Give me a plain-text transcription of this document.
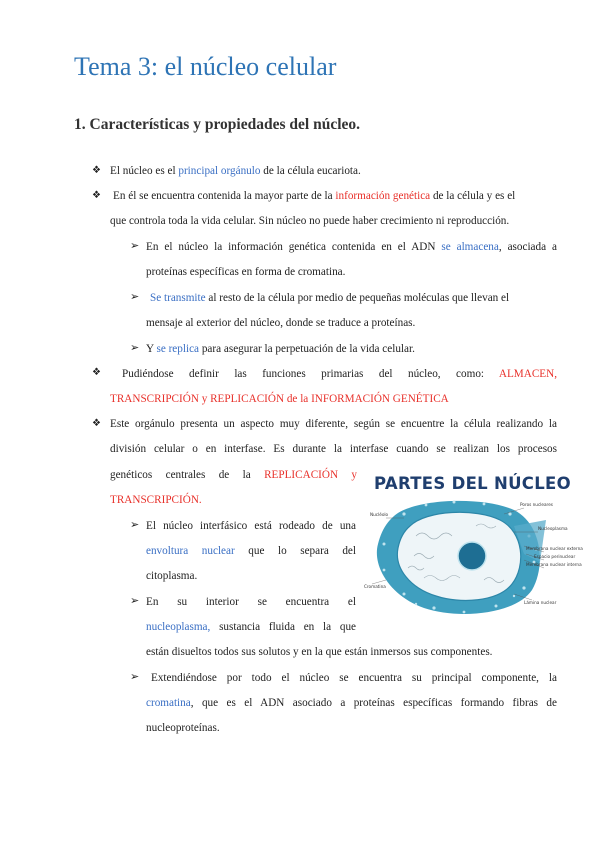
Tema 3: el núcleo celular
1. Características y propiedades del núcleo.
❖ El núcleo es el principal orgánulo de la célula eucariota.
❖ En él se encuentra contenida la mayor parte de la información genética de la célula y es el
que controla toda la vida celular. Sin núcleo no puede haber crecimiento ni reproducción.
➢ En el núcleo la información genética contenida en el ADN se almacena, asociada a
proteínas específicas en forma de cromatina.
➢ Se transmite al resto de la célula por medio de pequeñas moléculas que llevan el
mensaje al exterior del núcleo, donde se traduce a proteínas.
➢ Y se replica para asegurar la perpetuación de la vida celular.
❖ Pudiéndose definir las funciones primarias del núcleo, como: ALMACEN,
TRANSCRIPCIÓN y REPLICACIÓN de la INFORMACIÓN GENÉTICA
❖ Este orgánulo presenta un aspecto muy diferente, según se encuentre la célula realizando la
división celular o en interfase. Es durante la interfase cuando se realizan los procesos
genéticos centrales de la REPLICACIÓN y
TRANSCRIPCIÓN.
➢ El núcleo interfásico está rodeado de una
envoltura nuclear que lo separa del
citoplasma.
➢ En su interior se encuentra el
nucleoplasma, sustancia fluida en la que
están disueltos todos sus solutos y en la que están inmersos sus componentes.
➢ Extendiéndose por todo el núcleo se encuentra su principal componente, la
cromatina, que es el ADN asociado a proteínas específicas formando fibras de
nucleoproteínas.
PARTES DEL NÚCLEO
Nucléolo
Poros nucleares
Nucleoplasma
Membrana nuclear externa
Espacio perinuclear
Membrana nuclear interna
Cromatina
Lámina nuclear
